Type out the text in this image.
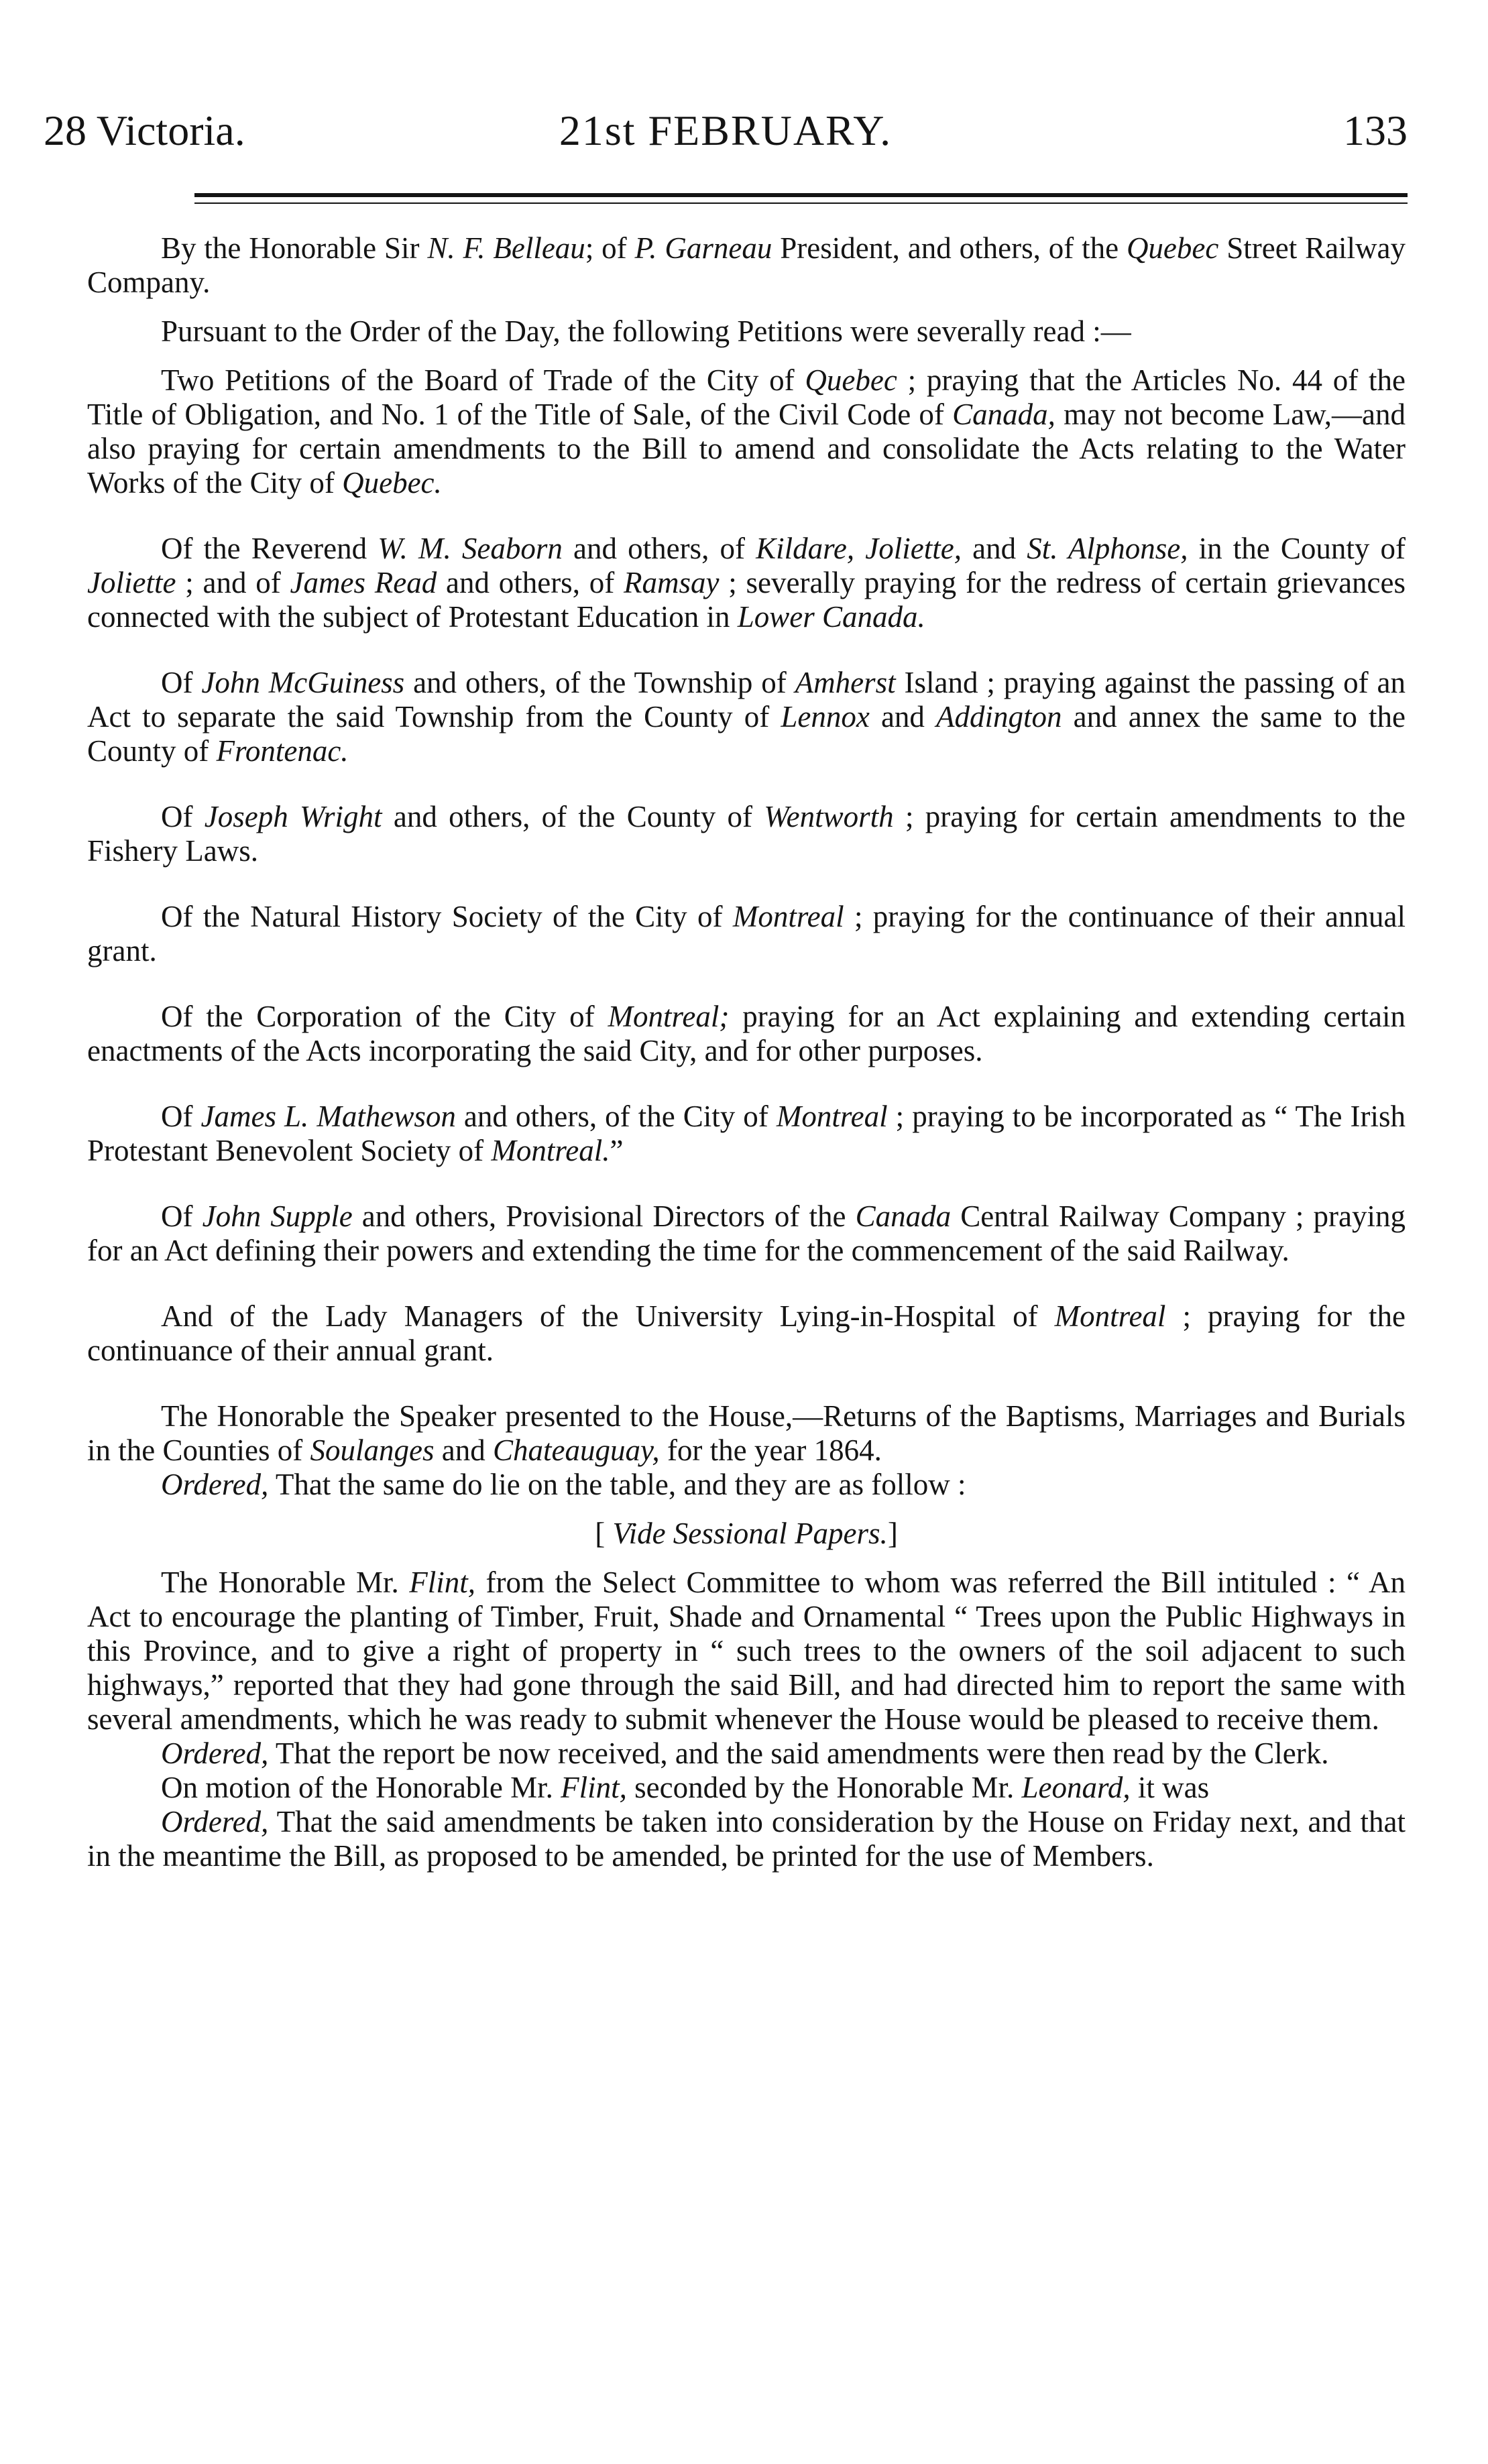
28 Victoria.	21st FEBRUARY.	133

By the Honorable Sir N. F. Belleau; of P. Garneau President, and others, of the Quebec Street Railway Company.

Pursuant to the Order of the Day, the following Petitions were severally read :—

Two Petitions of the Board of Trade of the City of Quebec ; praying that the Articles No. 44 of the Title of Obligation, and No. 1 of the Title of Sale, of the Civil Code of Canada, may not become Law,—and also praying for certain amendments to the Bill to amend and consolidate the Acts relating to the Water Works of the City of Quebec.

Of the Reverend W. M. Seaborn and others, of Kildare, Joliette, and St. Alphonse, in the County of Joliette ; and of James Read and others, of Ramsay ; severally praying for the redress of certain grievances connected with the subject of Protestant Education in Lower Canada.

Of John McGuiness and others, of the Township of Amherst Island ; praying against the passing of an Act to separate the said Township from the County of Lennox and Addington and annex the same to the County of Frontenac.

Of Joseph Wright and others, of the County of Wentworth ; praying for certain amendments to the Fishery Laws.

Of the Natural History Society of the City of Montreal ; praying for the continuance of their annual grant.

Of the Corporation of the City of Montreal; praying for an Act explaining and extending certain enactments of the Acts incorporating the said City, and for other purposes.

Of James L. Mathewson and others, of the City of Montreal ; praying to be incorporated as “ The Irish Protestant Benevolent Society of Montreal.”

Of John Supple and others, Provisional Directors of the Canada Central Railway Company ; praying for an Act defining their powers and extending the time for the commencement of the said Railway.

And of the Lady Managers of the University Lying-in-Hospital of Montreal ; praying for the continuance of their annual grant.

The Honorable the Speaker presented to the House,—Returns of the Baptisms, Marriages and Burials in the Counties of Soulanges and Chateauguay, for the year 1864.

Ordered, That the same do lie on the table, and they are as follow :

[ Vide Sessional Papers.]

The Honorable Mr. Flint, from the Select Committee to whom was referred the Bill intituled : “ An Act to encourage the planting of Timber, Fruit, Shade and Ornamental “ Trees upon the Public Highways in this Province, and to give a right of property in “ such trees to the owners of the soil adjacent to such highways,” reported that they had gone through the said Bill, and had directed him to report the same with several amendments, which he was ready to submit whenever the House would be pleased to receive them.

Ordered, That the report be now received, and the said amendments were then read by the Clerk.

On motion of the Honorable Mr. Flint, seconded by the Honorable Mr. Leonard, it was

Ordered, That the said amendments be taken into consideration by the House on Friday next, and that in the meantime the Bill, as proposed to be amended, be printed for the use of Members.
